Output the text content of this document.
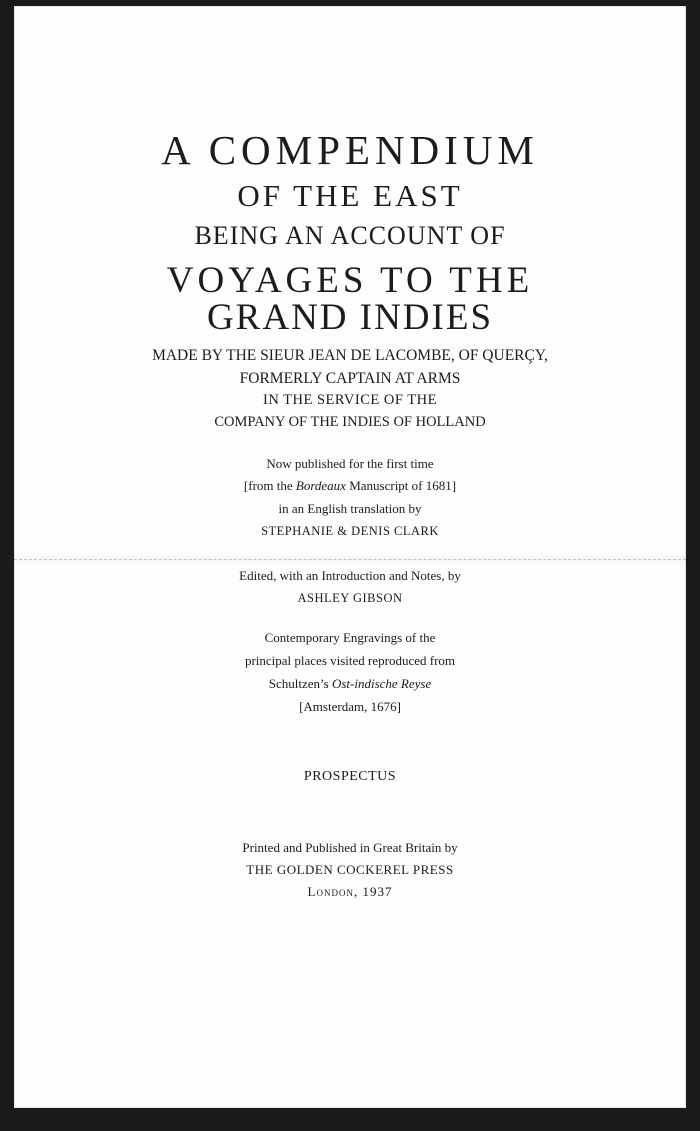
A COMPENDIUM

OF THE EAST

BEING AN ACCOUNT OF

VOYAGES TO THE

GRAND INDIES

MADE BY THE SIEUR JEAN DE LACOMBE, OF QUERÇY,

FORMERLY CAPTAIN AT ARMS

IN THE SERVICE OF THE

COMPANY OF THE INDIES OF HOLLAND

Now published for the first time

[from the Bordeaux Manuscript of 1681]

in an English translation by

STEPHANIE & DENIS CLARK

Edited, with an Introduction and Notes, by

ASHLEY GIBSON

Contemporary Engravings of the

principal places visited reproduced from

Schultzen’s Ost-indische Reyse

[Amsterdam, 1676]

PROSPECTUS

Printed and Published in Great Britain by

THE GOLDEN COCKEREL PRESS

London, 1937
